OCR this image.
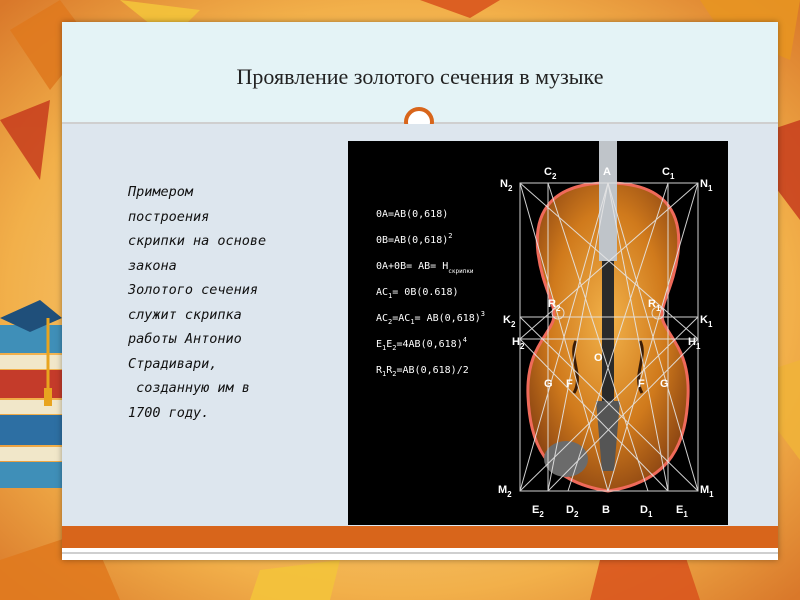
Проявление золотого сечения в музыке
Примером
построения
скрипки на основе
закона
Золотого сечения
служит скрипка
работы Антонио
Страдивари,
созданную им в
1700 году.
0A=AB(0,618)
$0B=AB(0,618)^2$
$0A+0B= AB= H_{скрипки}$
$AC_1= 0B(0.618)$
$AC_2=AC_1= AB(0,618)^3$
$E_1E_2=4AB(0,618)^4$
$R_1R_2=AB(0,618)/2$
$N_2$
$C_2$	A	$C_1$
$N_1$
$K_2$	$K_1$
$H_2$	$H_1$
$R_2$	$R_1$
O
G F	F G
$M_2$	$M_1$
$E_2$ $D_2$ B	$D_1$ $E_1$
